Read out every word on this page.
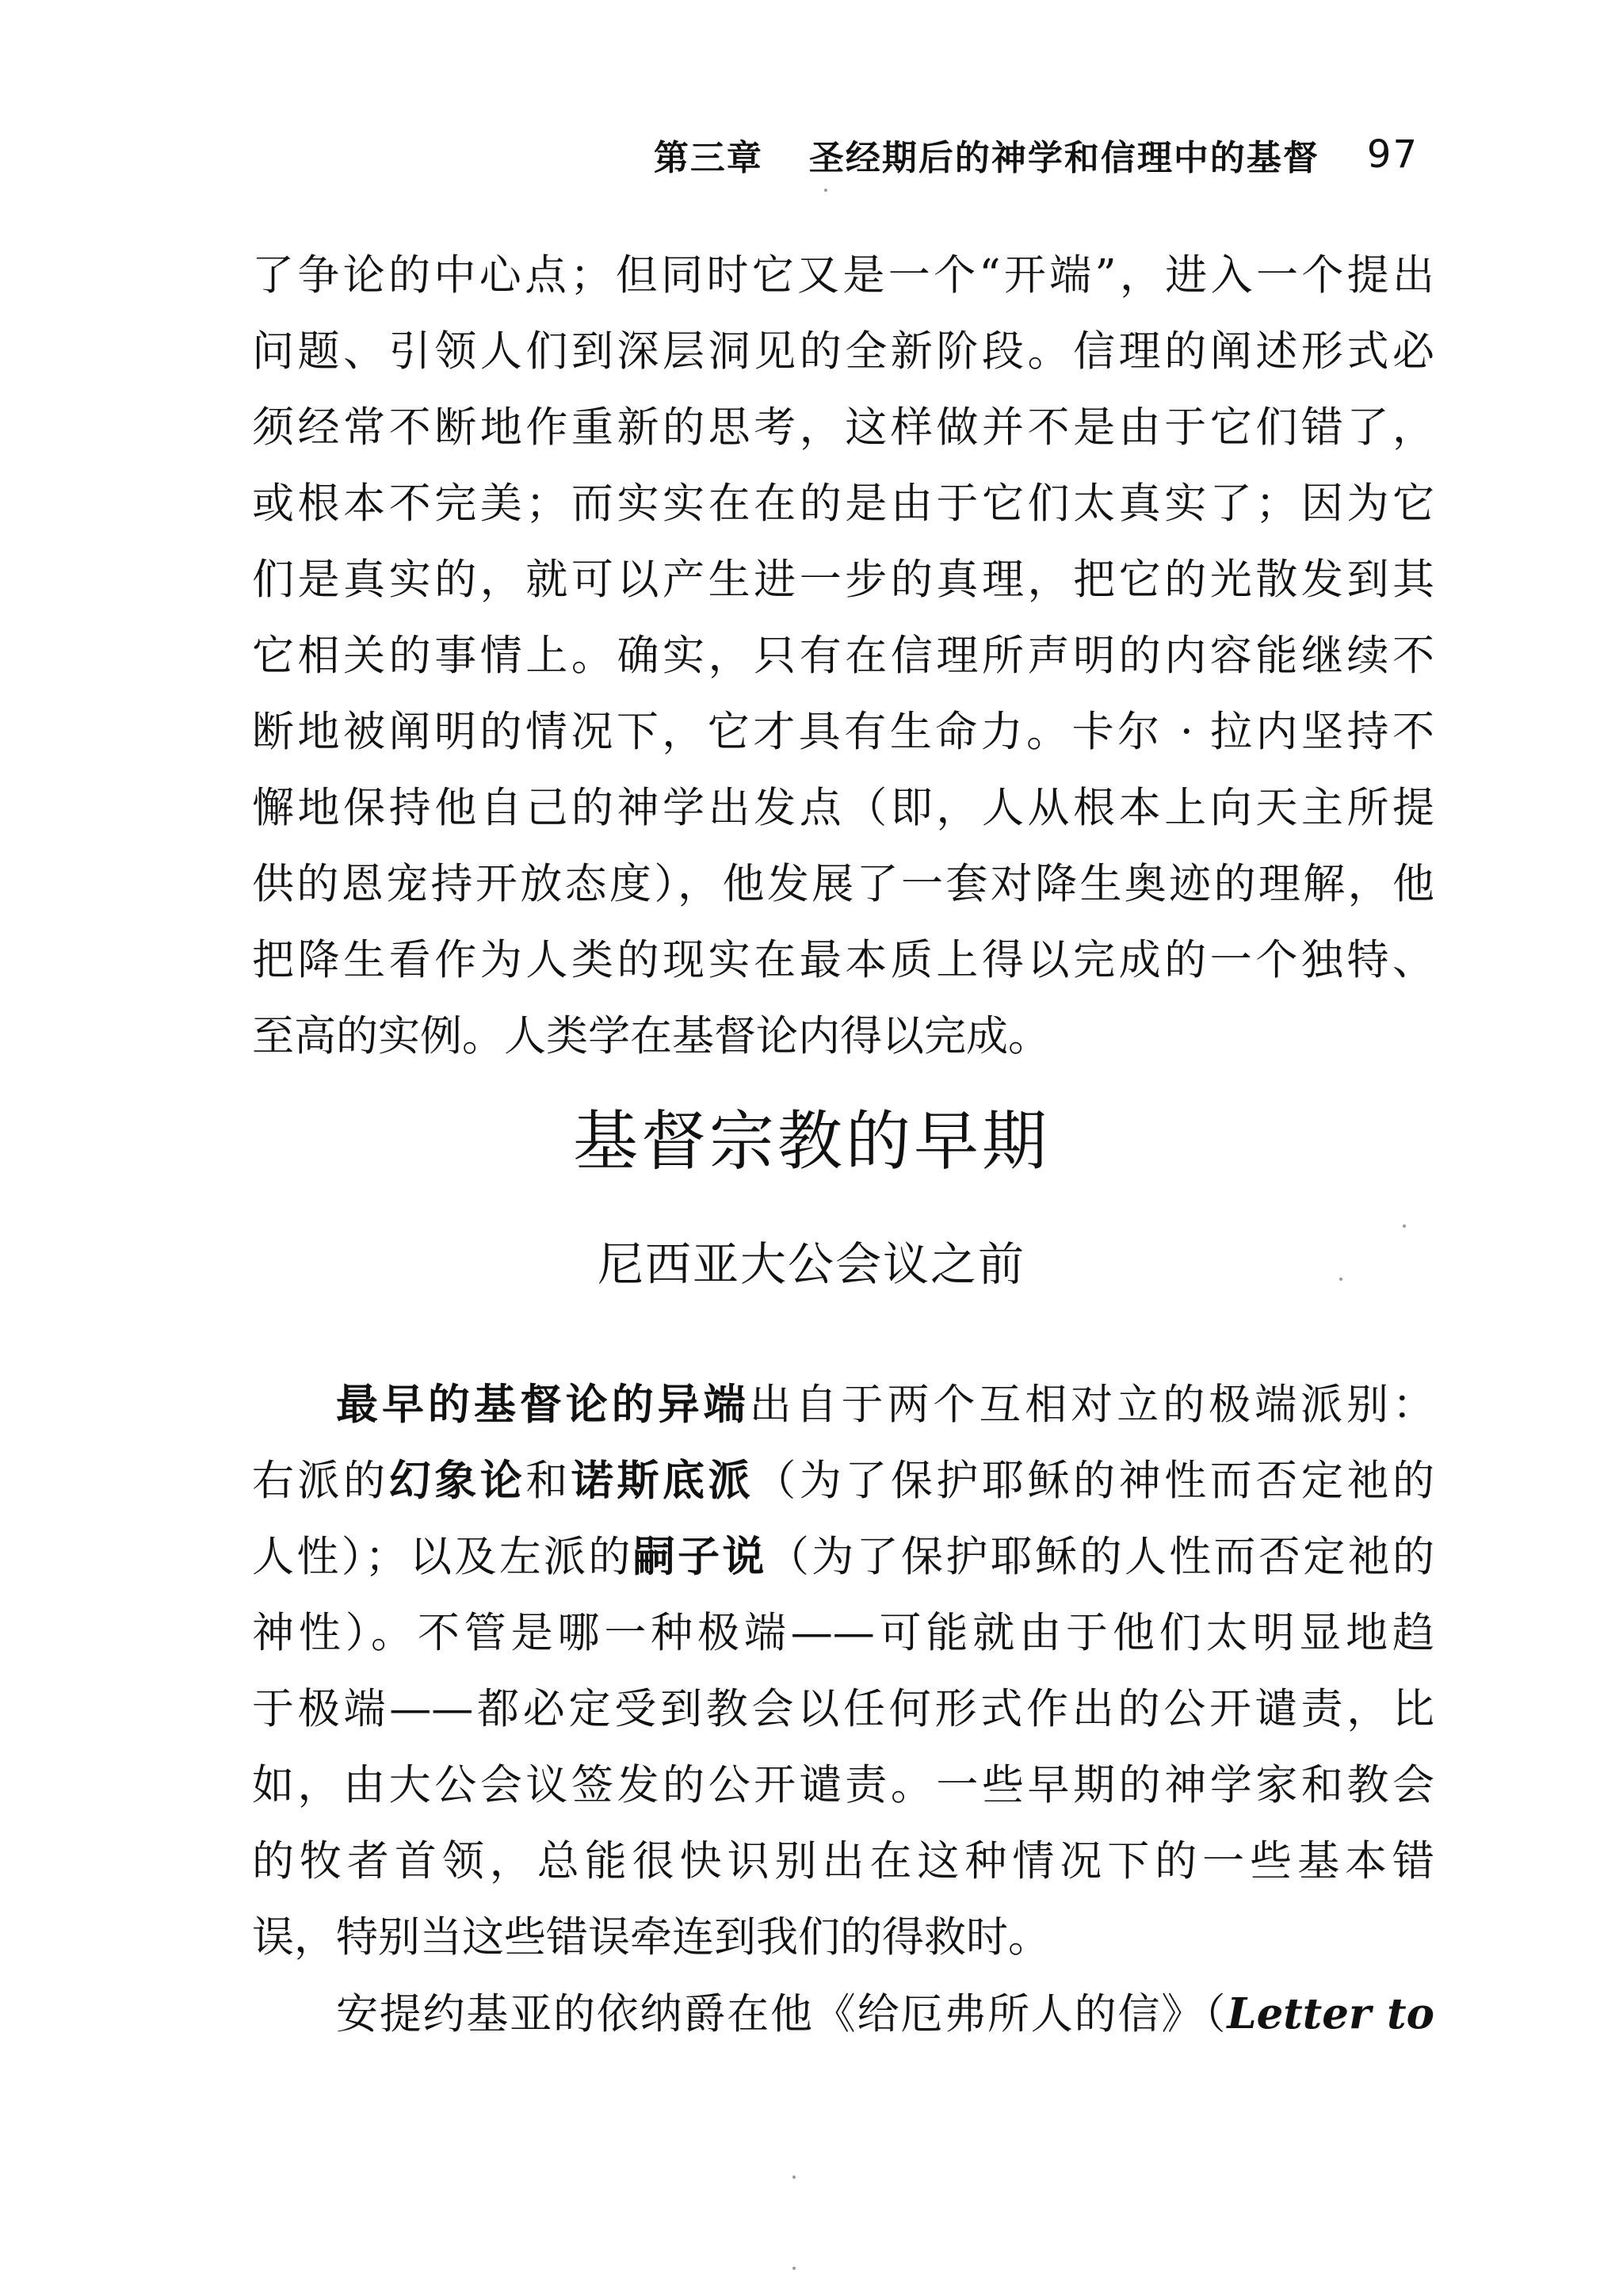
第三章 圣经期后的神学和信理中的基督 97
了争论的中心点；但同时它又是一个“开端”，进入一个提出
问题、引领人们到深层洞见的全新阶段。信理的阐述形式必
须经常不断地作重新的思考，这样做并不是由于它们错了，
或根本不完美；而实实在在的是由于它们太真实了；因为它
们是真实的，就可以产生进一步的真理，把它的光散发到其
它相关的事情上。确实，只有在信理所声明的内容能继续不
断地被阐明的情况下，它才具有生命力。卡尔 · 拉内坚持不
懈地保持他自己的神学出发点（即，人从根本上向天主所提
供的恩宠持开放态度），他发展了一套对降生奥迹的理解，他
把降生看作为人类的现实在最本质上得以完成的一个独特、
至高的实例。人类学在基督论内得以完成。
基督宗教的早期
尼西亚大公会议之前
最早的基督论的异端出自于两个互相对立的极端派别：
右派的幻象论和诺斯底派（为了保护耶稣的神性而否定祂的
人性）；以及左派的嗣子说（为了保护耶稣的人性而否定祂的
神性）。不管是哪一种极端——可能就由于他们太明显地趋
于极端——都必定受到教会以任何形式作出的公开谴责，比
如，由大公会议签发的公开谴责。一些早期的神学家和教会
的牧者首领，总能很快识别出在这种情况下的一些基本错
误，特别当这些错误牵连到我们的得救时。
安提约基亚的依纳爵在他《给厄弗所人的信》（Letter to
